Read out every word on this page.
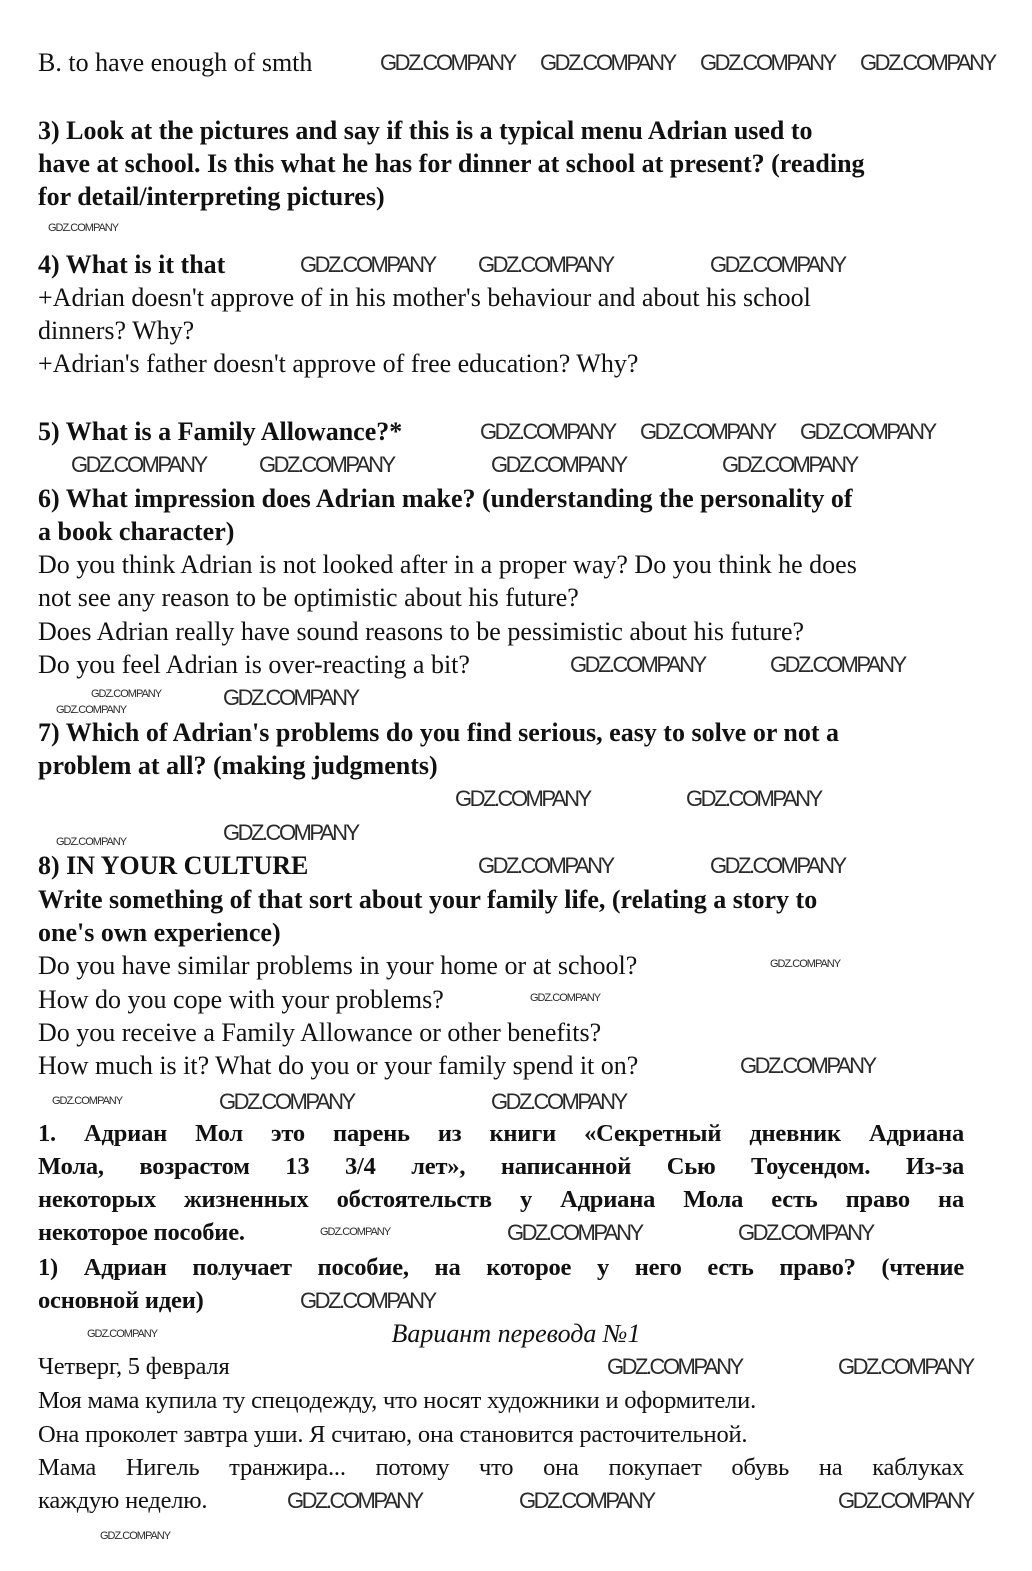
B. to have enough of smth
3) Look at the pictures and say if this is a typical menu Adrian used to
have at school. Is this what he has for dinner at school at present? (reading
for detail/interpreting pictures)
4) What is it that
+Adrian doesn't approve of in his mother's behaviour and about his school
dinners? Why?
+Adrian's father doesn't approve of free education? Why?
5) What is a Family Allowance?*
6) What impression does Adrian make? (understanding the personality of
a book character)
Do you think Adrian is not looked after in a proper way? Do you think he does
not see any reason to be optimistic about his future?
Does Adrian really have sound reasons to be pessimistic about his future?
Do you feel Adrian is over-reacting a bit?
7) Which of Adrian's problems do you find serious, easy to solve or not a
problem at all? (making judgments)
8) IN YOUR CULTURE
Write something of that sort about your family life, (relating a story to
one's own experience)
Do you have similar problems in your home or at school?
How do you cope with your problems?
Do you receive a Family Allowance or other benefits?
How much is it? What do you or your family spend it on?
1. Адриан Мол это парень из книги «Секретный дневник Адриана
Мола, возрастом 13 3/4 лет», написанной Сью Тоусендом. Из-за
некоторых жизненных обстоятельств у Адриана Мола есть право на
некоторое пособие.
1) Адриан получает пособие, на которое у него есть право? (чтение
основной идеи)
Вариант перевода №1
Четверг, 5 февраля
Моя мама купила ту спецодежду, что носят художники и оформители.
Она проколет завтра уши. Я считаю, она становится расточительной.
Мама Нигель транжира... потому что она покупает обувь на каблуках
каждую неделю.
GDZ.COMPANY GDZ.COMPANY GDZ.COMPANY GDZ.COMPANY
GDZ.COMPANY GDZ.COMPANY	GDZ.COMPANY
GDZ.COMPANY
GDZ.COMPANY GDZ.COMPANY GDZ.COMPANY
GDZ.COMPANY	GDZ.COMPANY	GDZ.COMPANY
GDZ.COMPANY	GDZ.COMPANY
GDZ.COMPANY
GDZ.COMPANY	GDZ.COMPANY
GDZ.COMPANY
GDZ.COMPANY	GDZ.COMPANY
GDZ.COMPANY
GDZ.COMPANY	GDZ.COMPANY
GDZ.COMPANY	GDZ.COMPANY
GDZ.COMPANY
GDZ.COMPANY	GDZ.COMPANY
GDZ.COMPANY	GDZ.COMPANY	GDZ.COMPANY
GDZ.COMPANY
GDZ.COMPANY
GDZ.COMPANY
GDZ.COMPANY
GDZ.COMPANY
GDZ.COMPANY
GDZ.COMPANY
GDZ.COMPANY
GDZ.COMPANY
GDZ.COMPANY
